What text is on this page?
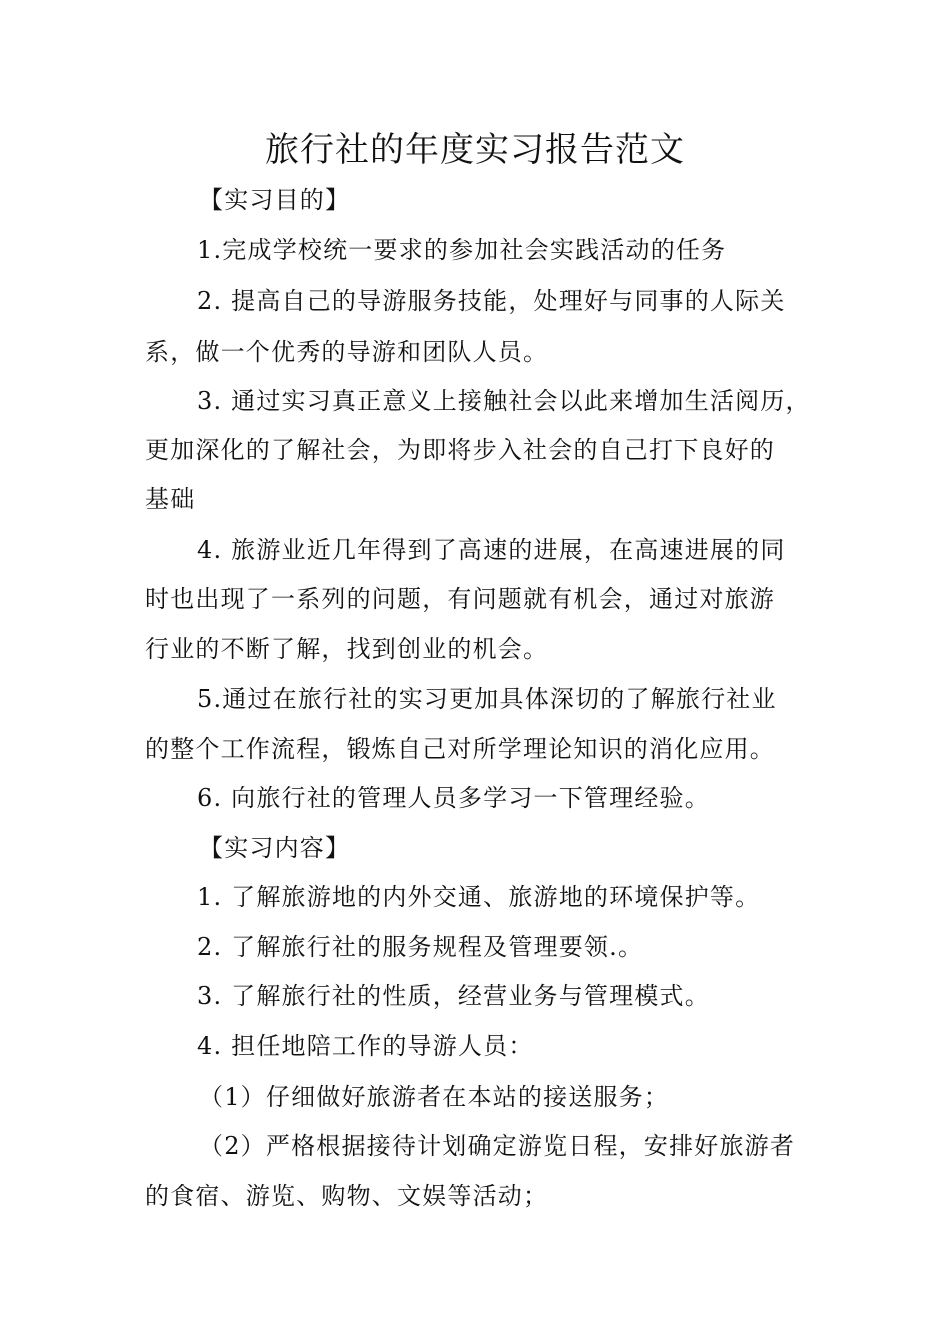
旅行社的年度实习报告范文
【实习目的】
1.完成学校统一要求的参加社会实践活动的任务
2. 提高自己的导游服务技能，处理好与同事的人际关
系，做一个优秀的导游和团队人员。
3. 通过实习真正意义上接触社会以此来增加生活阅历，
更加深化的了解社会，为即将步入社会的自己打下良好的
基础
4. 旅游业近几年得到了高速的进展，在高速进展的同
时也出现了一系列的问题，有问题就有机会，通过对旅游
行业的不断了解，找到创业的机会。
5.通过在旅行社的实习更加具体深切的了解旅行社业
的整个工作流程，锻炼自己对所学理论知识的消化应用。
6. 向旅行社的管理人员多学习一下管理经验。
【实习内容】
1. 了解旅游地的内外交通、旅游地的环境保护等。
2. 了解旅行社的服务规程及管理要领.。
3. 了解旅行社的性质，经营业务与管理模式。
4. 担任地陪工作的导游人员：
（1）仔细做好旅游者在本站的接送服务；
（2）严格根据接待计划确定游览日程，安排好旅游者
的食宿、游览、购物、文娱等活动；
